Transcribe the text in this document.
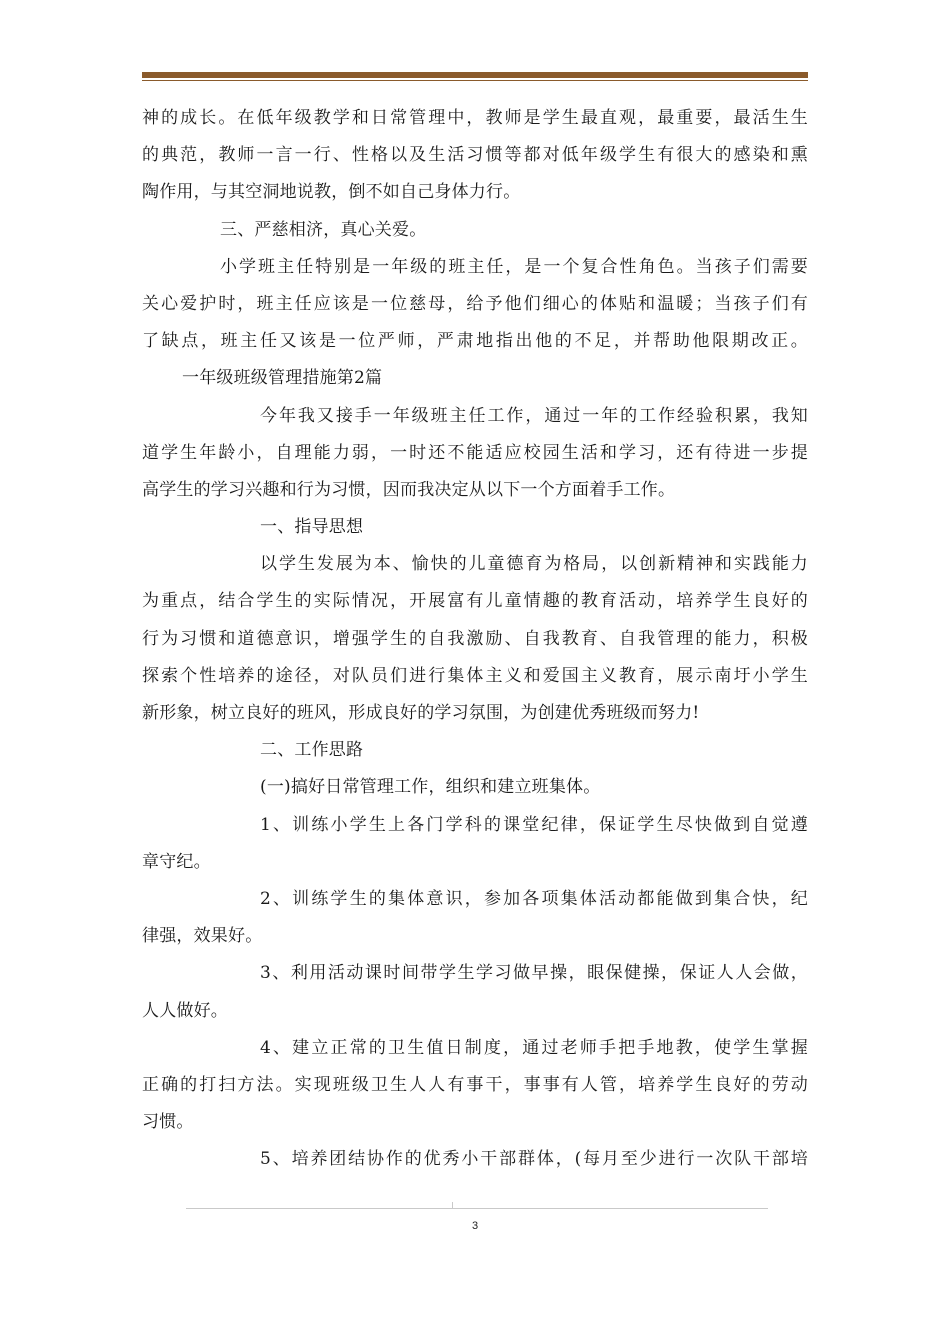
神的成长。在低年级教学和日常管理中，教师是学生最直观，最重要，最活生生
的典范，教师一言一行、性格以及生活习惯等都对低年级学生有很大的感染和熏
陶作用，与其空洞地说教，倒不如自己身体力行。
三、严慈相济，真心关爱。
小学班主任特别是一年级的班主任，是一个复合性角色。当孩子们需要
关心爱护时，班主任应该是一位慈母，给予他们细心的体贴和温暖；当孩子们有
了缺点，班主任又该是一位严师，严肃地指出他的不足，并帮助他限期改正。
一年级班级管理措施第2篇
今年我又接手一年级班主任工作，通过一年的工作经验积累，我知
道学生年龄小，自理能力弱，一时还不能适应校园生活和学习，还有待进一步提
高学生的学习兴趣和行为习惯，因而我决定从以下一个方面着手工作。
一、指导思想
以学生发展为本、愉快的儿童德育为格局，以创新精神和实践能力
为重点，结合学生的实际情况，开展富有儿童情趣的教育活动，培养学生良好的
行为习惯和道德意识，增强学生的自我激励、自我教育、自我管理的能力，积极
探索个性培养的途径，对队员们进行集体主义和爱国主义教育，展示南圩小学生
新形象，树立良好的班风，形成良好的学习氛围，为创建优秀班级而努力!
二、工作思路
(一)搞好日常管理工作，组织和建立班集体。
1、训练小学生上各门学科的课堂纪律，保证学生尽快做到自觉遵
章守纪。
2、训练学生的集体意识，参加各项集体活动都能做到集合快，纪
律强，效果好。
3、利用活动课时间带学生学习做早操，眼保健操，保证人人会做，
人人做好。
4、建立正常的卫生值日制度，通过老师手把手地教，使学生掌握
正确的打扫方法。实现班级卫生人人有事干，事事有人管，培养学生良好的劳动
习惯。
5、培养团结协作的优秀小干部群体，(每月至少进行一次队干部培
3
